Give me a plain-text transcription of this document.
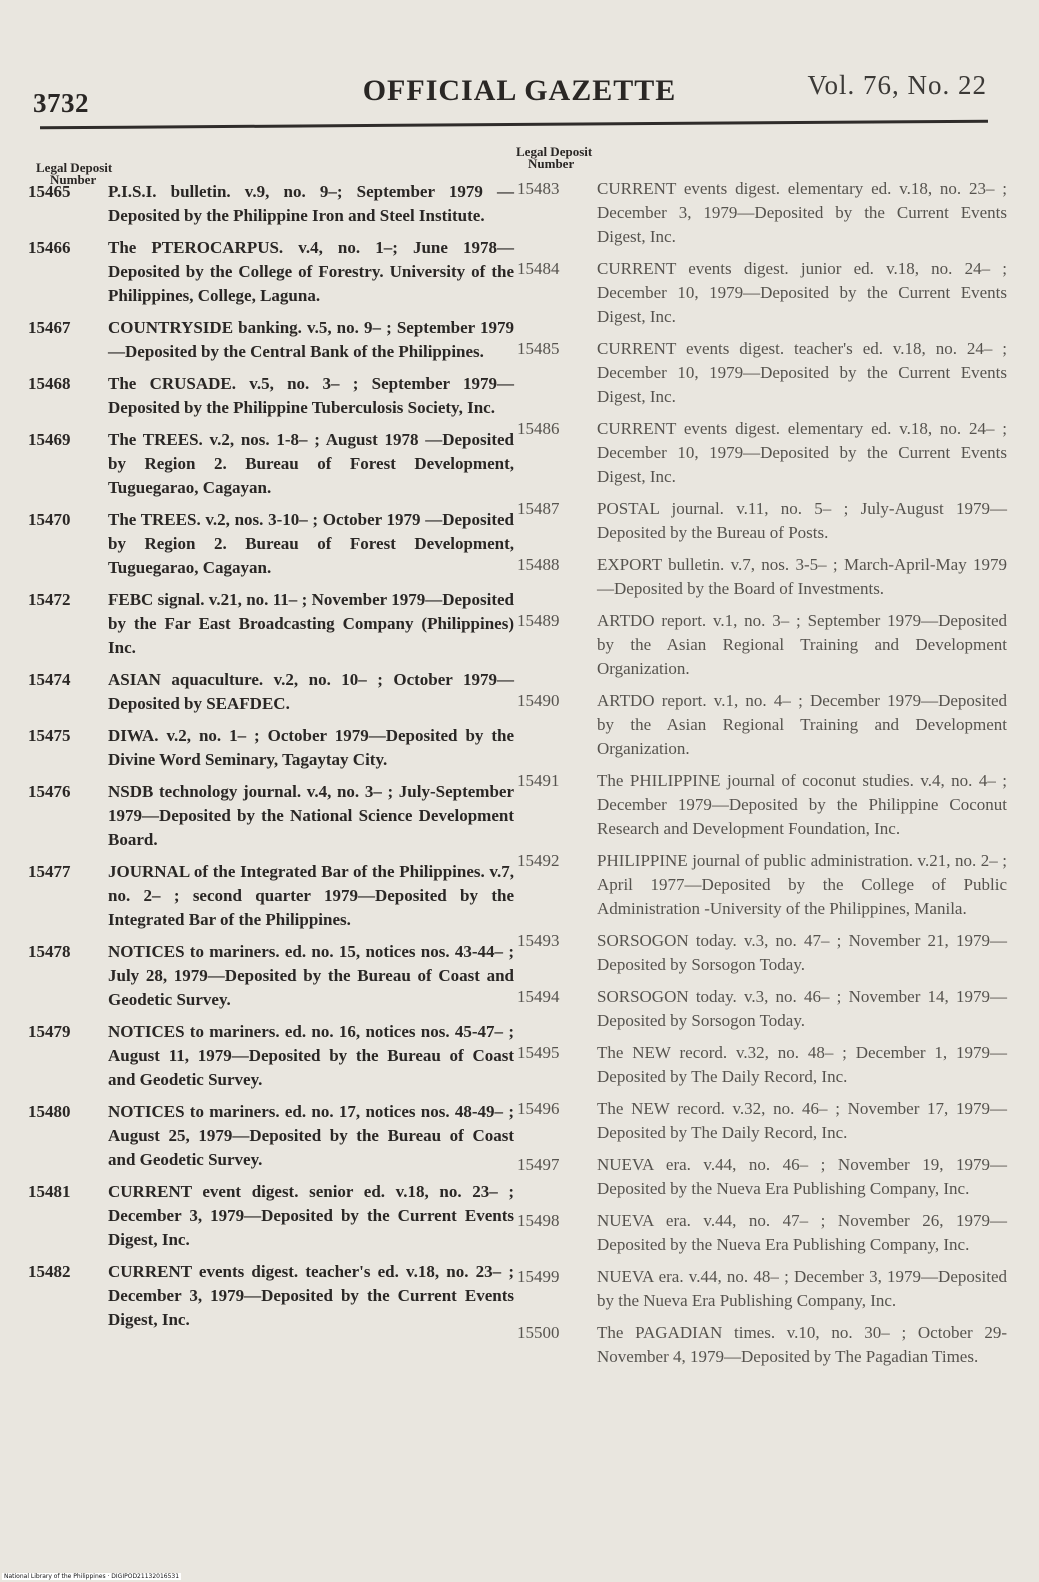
3732	OFFICIAL GAZETTE	Vol. 76, No. 22
Legal Deposit
Number
Legal Deposit
Number
15465	P.I.S.I. bulletin. v.9, no. 9–; September 1979 —Deposited by the Philippine Iron and Steel Institute.
15466	The PTEROCARPUS. v.4, no. 1–; June 1978—Deposited by the College of Forestry. University of the Philippines, College, Laguna.
15467	COUNTRYSIDE banking. v.5, no. 9– ; September 1979—Deposited by the Central Bank of the Philippines.
15468	The CRUSADE. v.5, no. 3– ; September 1979—Deposited by the Philippine Tuberculosis Society, Inc.
15469	The TREES. v.2, nos. 1-8– ; August 1978 —Deposited by Region 2. Bureau of Forest Development, Tuguegarao, Cagayan.
15470	The TREES. v.2, nos. 3-10– ; October 1979 —Deposited by Region 2. Bureau of Forest Development, Tuguegarao, Cagayan.
15472	FEBC signal. v.21, no. 11– ; November 1979—Deposited by the Far East Broadcasting Company (Philippines) Inc.
15474	ASIAN aquaculture. v.2, no. 10– ; October 1979—Deposited by SEAFDEC.
15475	DIWA. v.2, no. 1– ; October 1979—Deposited by the Divine Word Seminary, Tagaytay City.
15476	NSDB technology journal. v.4, no. 3– ; July-September 1979—Deposited by the National Science Development Board.
15477	JOURNAL of the Integrated Bar of the Philippines. v.7, no. 2– ; second quarter 1979—Deposited by the Integrated Bar of the Philippines.
15478	NOTICES to mariners. ed. no. 15, notices nos. 43-44– ; July 28, 1979—Deposited by the Bureau of Coast and Geodetic Survey.
15479	NOTICES to mariners. ed. no. 16, notices nos. 45-47– ; August 11, 1979—Deposited by the Bureau of Coast and Geodetic Survey.
15480	NOTICES to mariners. ed. no. 17, notices nos. 48-49– ; August 25, 1979—Deposited by the Bureau of Coast and Geodetic Survey.
15481	CURRENT event digest. senior ed. v.18, no. 23– ; December 3, 1979—Deposited by the Current Events Digest, Inc.
15482	CURRENT events digest. teacher's ed. v.18, no. 23– ; December 3, 1979—Deposited by the Current Events Digest, Inc.
15483	CURRENT events digest. elementary ed. v.18, no. 23– ; December 3, 1979—Deposited by the Current Events Digest, Inc.
15484	CURRENT events digest. junior ed. v.18, no. 24– ; December 10, 1979—Deposited by the Current Events Digest, Inc.
15485	CURRENT events digest. teacher's ed. v.18, no. 24– ; December 10, 1979—Deposited by the Current Events Digest, Inc.
15486	CURRENT events digest. elementary ed. v.18, no. 24– ; December 10, 1979—Deposited by the Current Events Digest, Inc.
15487	POSTAL journal. v.11, no. 5– ; July-August 1979—Deposited by the Bureau of Posts.
15488	EXPORT bulletin. v.7, nos. 3-5– ; March-April-May 1979—Deposited by the Board of Investments.
15489	ARTDO report. v.1, no. 3– ; September 1979—Deposited by the Asian Regional Training and Development Organization.
15490	ARTDO report. v.1, no. 4– ; December 1979—Deposited by the Asian Regional Training and Development Organization.
15491	The PHILIPPINE journal of coconut studies. v.4, no. 4– ; December 1979—Deposited by the Philippine Coconut Research and Development Foundation, Inc.
15492	PHILIPPINE journal of public administration. v.21, no. 2– ; April 1977—Deposited by the College of Public Administration -University of the Philippines, Manila.
15493	SORSOGON today. v.3, no. 47– ; November 21, 1979—Deposited by Sorsogon Today.
15494	SORSOGON today. v.3, no. 46– ; November 14, 1979—Deposited by Sorsogon Today.
15495	The NEW record. v.32, no. 48– ; December 1, 1979—Deposited by The Daily Record, Inc.
15496	The NEW record. v.32, no. 46– ; November 17, 1979—Deposited by The Daily Record, Inc.
15497	NUEVA era. v.44, no. 46– ; November 19, 1979—Deposited by the Nueva Era Publishing Company, Inc.
15498	NUEVA era. v.44, no. 47– ; November 26, 1979—Deposited by the Nueva Era Publishing Company, Inc.
15499	NUEVA era. v.44, no. 48– ; December 3, 1979—Deposited by the Nueva Era Publishing Company, Inc.
15500	The PAGADIAN times. v.10, no. 30– ; October 29-November 4, 1979—Deposited by The Pagadian Times.
National Library of the Philippines · DIGIPOD21132016531
